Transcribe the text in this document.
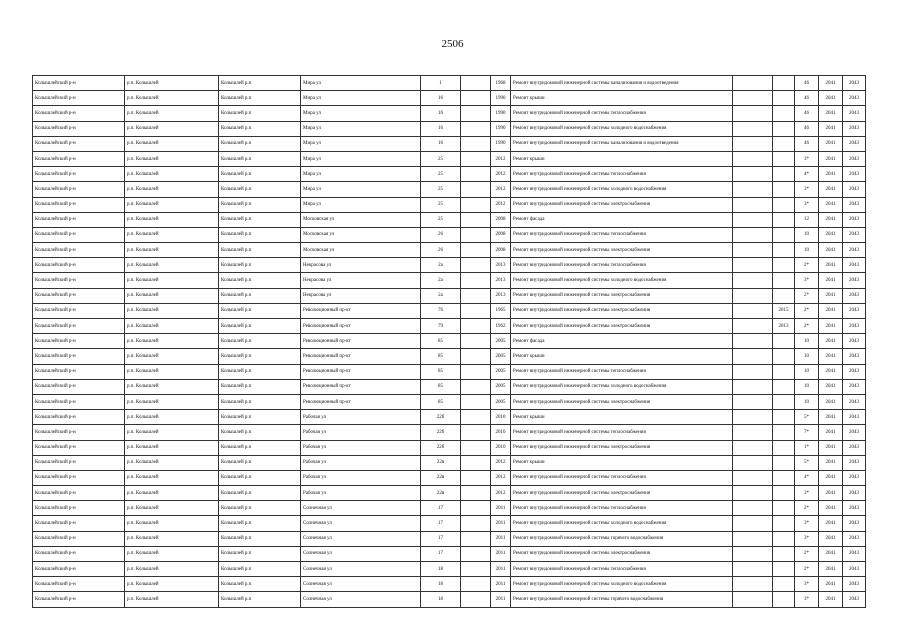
2506
Колышлейский р-н	р.п. Колышлей	Колышлей р.п	Мира ул	1		1968	Ремонт внутридомовой инженерной системы канализования и водоотведения			46	2041	2043
Колышлейский р-н	р.п. Колышлей	Колышлей р.п	Мира ул	16		1990	Ремонт крыши			46	2041	2043
Колышлейский р-н	р.п. Колышлей	Колышлей р.п	Мира ул	16		1990	Ремонт внутридомовой инженерной системы теплоснабжения			46	2041	2043
Колышлейский р-н	р.п. Колышлей	Колышлей р.п	Мира ул	16		1990	Ремонт внутридомовой инженерной системы холодного водоснабжения			46	2041	2043
Колышлейский р-н	р.п. Колышлей	Колышлей р.п	Мира ул	16		1990	Ремонт внутридомовой инженерной системы канализования и водоотведения			46	2041	2043
Колышлейский р-н	р.п. Колышлей	Колышлей р.п	Мира ул	25		2012	Ремонт крыши			3*	2041	2043
Колышлейский р-н	р.п. Колышлей	Колышлей р.п	Мира ул	25		2012	Ремонт внутридомовой инженерной системы теплоснабжения			4*	2041	2043
Колышлейский р-н	р.п. Колышлей	Колышлей р.п	Мира ул	25		2012	Ремонт внутридомовой инженерной системы холодного водоснабжения			3*	2041	2043
Колышлейский р-н	р.п. Колышлей	Колышлей р.п	Мира ул	25		2012	Ремонт внутридомовой инженерной системы электроснабжения			3*	2041	2043
Колышлейский р-н	р.п. Колышлей	Колышлей р.п	Московская ул	25		2008	Ремонт фасада			12	2041	2043
Колышлейский р-н	р.п. Колышлей	Колышлей р.п	Московская ул	26		2008	Ремонт внутридомовой инженерной системы теплоснабжения			10	2041	2043
Колышлейский р-н	р.п. Колышлей	Колышлей р.п	Московская ул	26		2008	Ремонт внутридомовой инженерной системы электроснабжения			10	2041	2043
Колышлейский р-н	р.п. Колышлей	Колышлей р.п	Некрасова ул	2а		2013	Ремонт внутридомовой инженерной системы теплоснабжения			2*	2041	2043
Колышлейский р-н	р.п. Колышлей	Колышлей р.п	Некрасова ул	2а		2013	Ремонт внутридомовой инженерной системы холодного водоснабжения			3*	2041	2043
Колышлейский р-н	р.п. Колышлей	Колышлей р.п	Некрасова ул	2а		2013	Ремонт внутридомовой инженерной системы электроснабжения			2*	2041	2043
Колышлейский р-н	р.п. Колышлей	Колышлей р.п	Революционный пр-кт	76		1965	Ремонт внутридомовой инженерной системы электроснабжения		2015	2*	2041	2043
Колышлейский р-н	р.п. Колышлей	Колышлей р.п	Революционный пр-кт	79		1962	Ремонт внутридомовой инженерной системы электроснабжения		2013	2*	2041	2043
Колышлейский р-н	р.п. Колышлей	Колышлей р.п	Революционный пр-кт	85		2005	Ремонт фасада			10	2041	2043
Колышлейский р-н	р.п. Колышлей	Колышлей р.п	Революционный пр-кт	85		2005	Ремонт крыши			10	2041	2043
Колышлейский р-н	р.п. Колышлей	Колышлей р.п	Революционный пр-кт	85		2005	Ремонт внутридомовой инженерной системы теплоснабжения			10	2041	2043
Колышлейский р-н	р.п. Колышлей	Колышлей р.п	Революционный пр-кт	85		2005	Ремонт внутридомовой инженерной системы холодного водоснабжения			10	2041	2043
Колышлейский р-н	р.п. Колышлей	Колышлей р.п	Революционный пр-кт	85		2005	Ремонт внутридомовой инженерной системы электроснабжения			10	2041	2043
Колышлейский р-н	р.п. Колышлей	Колышлей р.п	Рабочая ул	22б		2010	Ремонт крыши			5*	2041	2043
Колышлейский р-н	р.п. Колышлей	Колышлей р.п	Рабочая ул	22б		2010	Ремонт внутридомовой инженерной системы теплоснабжения			7*	2041	2043
Колышлейский р-н	р.п. Колышлей	Колышлей р.п	Рабочая ул	22б		2010	Ремонт внутридомовой инженерной системы электроснабжения			1*	2041	2043
Колышлейский р-н	р.п. Колышлей	Колышлей р.п	Рабочая ул	22в		2012	Ремонт крыши			5*	2041	2043
Колышлейский р-н	р.п. Колышлей	Колышлей р.п	Рабочая ул	22в		2012	Ремонт внутридомовой инженерной системы теплоснабжения			4*	2041	2043
Колышлейский р-н	р.п. Колышлей	Колышлей р.п	Рабочая ул	22в		2012	Ремонт внутридомовой инженерной системы электроснабжения			3*	2041	2043
Колышлейский р-н	р.п. Колышлей	Колышлей р.п	Солнечная ул	17		2011	Ремонт внутридомовой инженерной системы теплоснабжения			2*	2041	2043
Колышлейский р-н	р.п. Колышлей	Колышлей р.п	Солнечная ул	17		2011	Ремонт внутридомовой инженерной системы холодного водоснабжения			3*	2041	2043
Колышлейский р-н	р.п. Колышлей	Колышлей р.п	Солнечная ул	17		2011	Ремонт внутридомовой инженерной системы горячего водоснабжения			3*	2041	2043
Колышлейский р-н	р.п. Колышлей	Колышлей р.п	Солнечная ул	17		2011	Ремонт внутридомовой инженерной системы электроснабжения			2*	2041	2043
Колышлейский р-н	р.п. Колышлей	Колышлей р.п	Солнечная ул	18		2011	Ремонт внутридомовой инженерной системы теплоснабжения			2*	2041	2043
Колышлейский р-н	р.п. Колышлей	Колышлей р.п	Солнечная ул	18		2011	Ремонт внутридомовой инженерной системы холодного водоснабжения			3*	2041	2043
Колышлейский р-н	р.п. Колышлей	Колышлей р.п	Солнечная ул	18		2011	Ремонт внутридомовой инженерной системы горячего водоснабжения			3*	2041	2043
